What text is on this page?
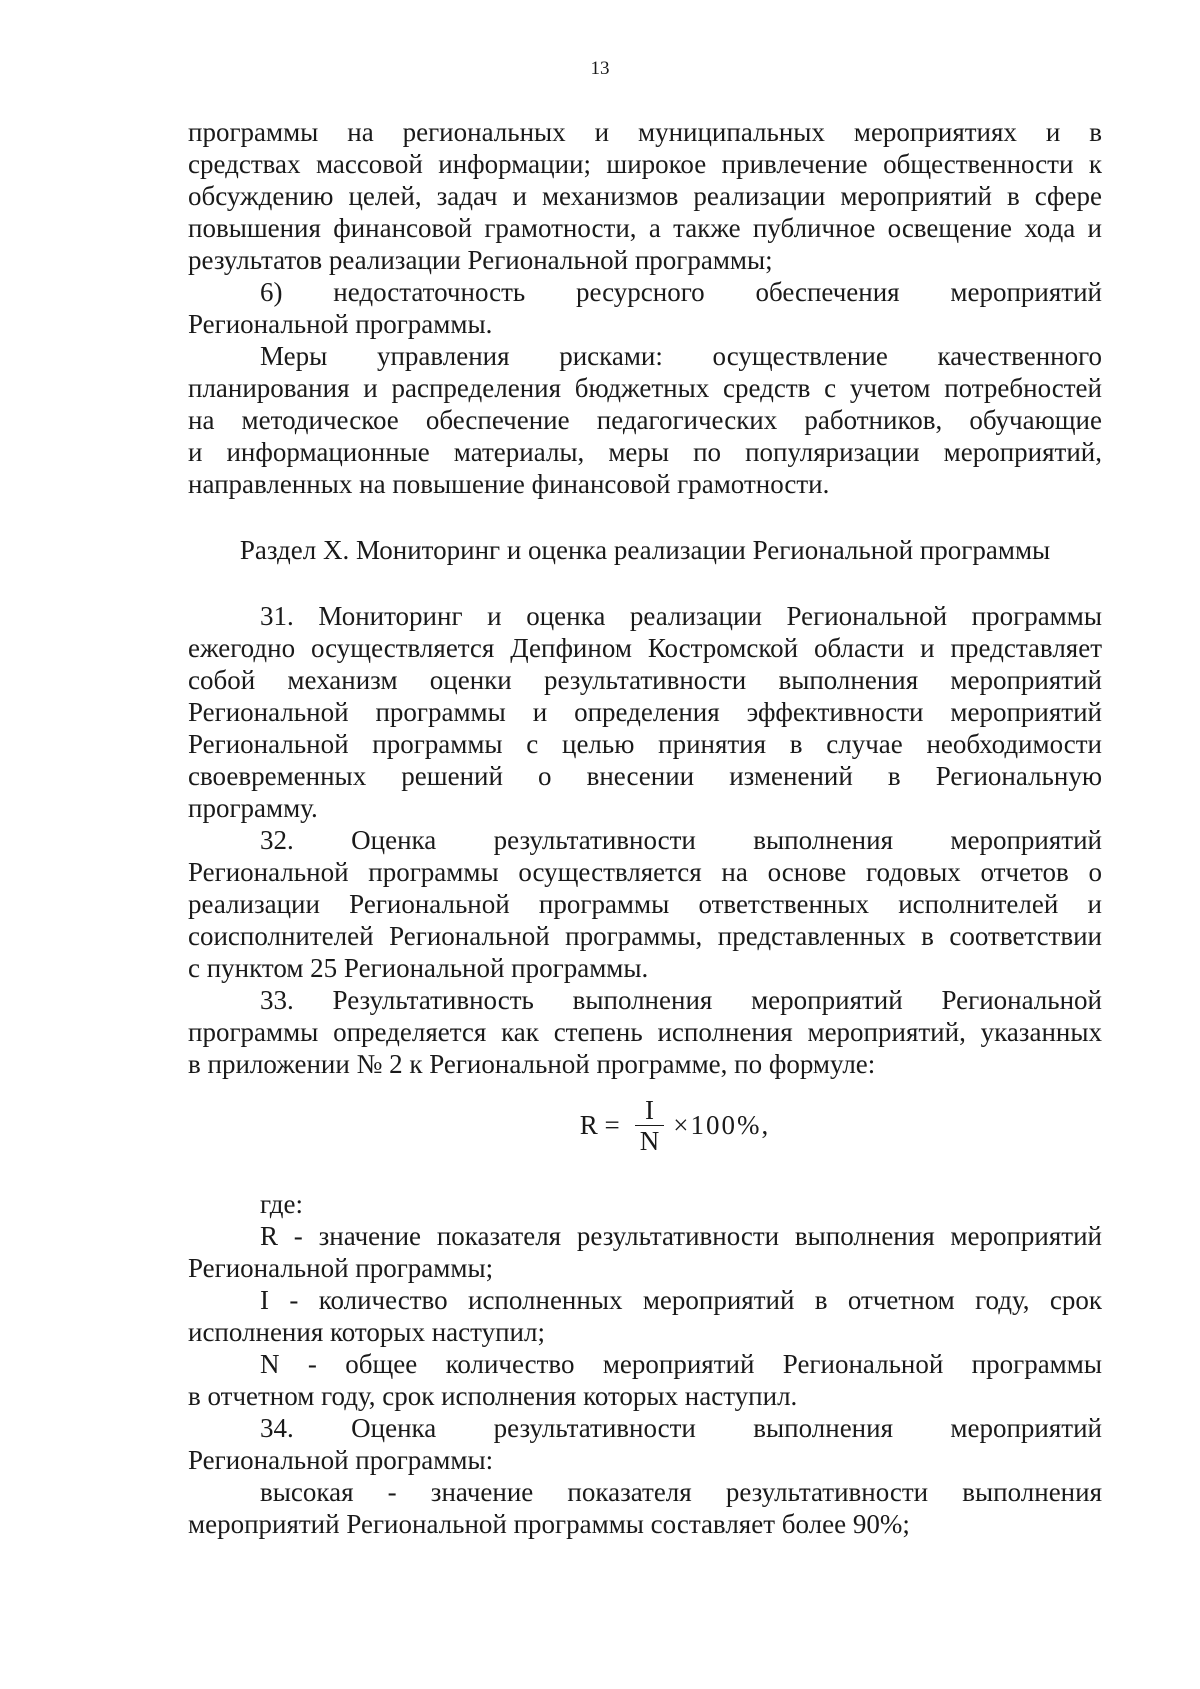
13

программы на региональных и муниципальных мероприятиях и в

средствах массовой информации; широкое привлечение общественности к

обсуждению целей, задач и механизмов реализации мероприятий в сфере

повышения финансовой грамотности, а также публичное освещение хода и

результатов реализации Региональной программы;

6) недостаточность ресурсного обеспечения мероприятий

Региональной программы.

Меры управления рисками: осуществление качественного

планирования и распределения бюджетных средств с учетом потребностей

на методическое обеспечение педагогических работников, обучающие

и информационные материалы, меры по популяризации мероприятий,

направленных на повышение финансовой грамотности.

Раздел X. Мониторинг и оценка реализации Региональной программы

31. Мониторинг и оценка реализации Региональной программы

ежегодно осуществляется Депфином Костромской области и представляет

собой механизм оценки результативности выполнения мероприятий

Региональной программы и определения эффективности мероприятий

Региональной программы с целью принятия в случае необходимости

своевременных решений о внесении изменений в Региональную

программу.

32. Оценка результативности выполнения мероприятий

Региональной программы осуществляется на основе годовых отчетов о

реализации Региональной программы ответственных исполнителей и

соисполнителей Региональной программы, представленных в соответствии

с пунктом 25 Региональной программы.

33. Результативность выполнения мероприятий Региональной

программы определяется как степень исполнения мероприятий, указанных

в приложении № 2 к Региональной программе, по формуле:

$R = \frac{I}{N} \times 100\%$,

где:

R - значение показателя результативности выполнения мероприятий

Региональной программы;

I - количество исполненных мероприятий в отчетном году, срок

исполнения которых наступил;

N - общее количество мероприятий Региональной программы

в отчетном году, срок исполнения которых наступил.

34. Оценка результативности выполнения мероприятий

Региональной программы:

высокая - значение показателя результативности выполнения

мероприятий Региональной программы составляет более 90%;
